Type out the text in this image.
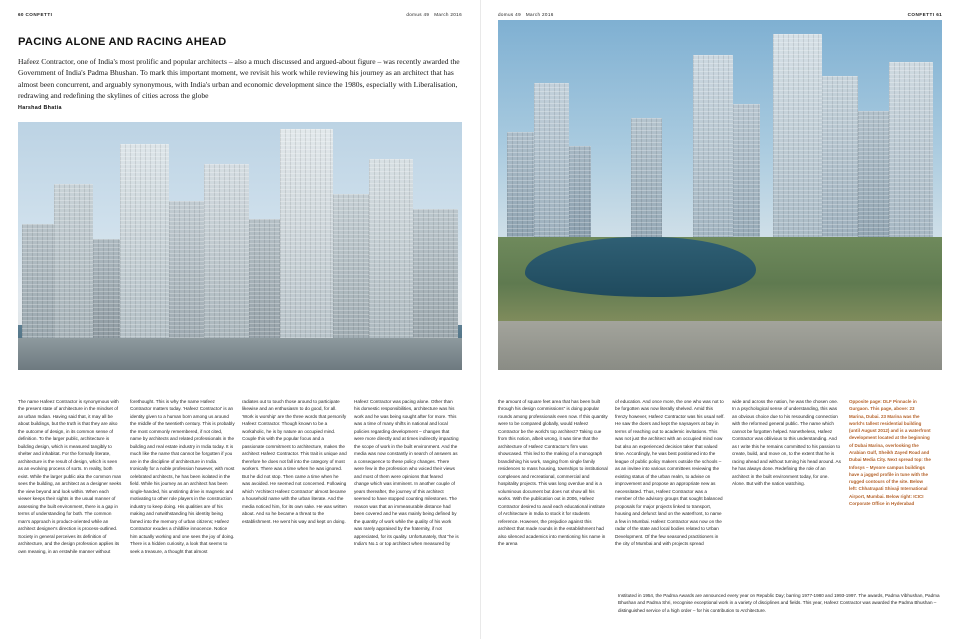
60 CONFETTI	domus 49 March 2016
PACING ALONE AND RACING AHEAD
Hafeez Contractor, one of India's most prolific and popular architects – also a much discussed and argued-about figure – was recently awarded the Government of India's Padma Bhushan. To mark this important moment, we revisit his work while reviewing his journey as an architect that has almost been concurrent, and arguably synonymous, with India's urban and economic development since the 1980s, especially with Liberalisation, redrawing and redefining the skylines of cities across the globe
Harshad Bhatia
The name Hafeez Contractor is synonymous with the present state of architecture in the mindset of an urban Indian. Having said that, it may all be about buildings, but the truth is that they are also the outcome of design, in its common sense of definition. To the larger public, architecture is building design, which is measured tangibly to shelter and inhabitat. For the formally literate, architecture is the result of design, which is seen as an evolving process of sorts. In reality, both exist. While the larger public aka the common man sees the building, an architect as a designer seeks the view beyond and look within. When each viewer keeps their sights in the usual manner of assessing the built environment, there is a gap in terms of understanding for both. The common man's approach is product-oriented while an architect designer's direction is process-outlined. Society in general perceives its definition of architecture, and the design profession applies its own meaning, in an erstwhile manner without
forethought. This is why the name Hafeez Contractor matters today. 'Hafeez Contractor' is an identity given to a human born among us around the middle of the twentieth century. This is probably the most commonly remembered, if not cited, name by architects and related professionals in the building and real estate industry in India today. It is much like the name that cannot be forgotten if you are in the discipline of architecture in India. Ironically for a noble profession however, with most celebrated architects, he has been isolated in the field. While his journey as an architect has been single-handed, his unstinting drive is magnetic and motivating to other role players in the construction industry to keep doing. His qualities are of his making and notwithstanding his identity being famed into the memory of urban citizens; Hafeez Contractor exudes a childlike innocence. Notice him actually working and one sees the joy of doing. There is a hidden curiosity, a look that seems to seek a treasure, a thought that almost
radiates out to touch those around to participate likewise and an enthusiasm to do good, for all. 'Work is worship' are the three words that personify Hafeez Contractor. Though known to be a workaholic, he is by nature an occupied mind. Couple this with the popular focus and a passionate commitment to architecture, makes the architect Hafeez Contractor. This trait is unique and therefore he does not fall into the category of most workers. There was a time when he was ignored. But he did not stop. Then came a time when he was avoided. He seemed not concerned. Following which 'Architect Hafeez Contractor' almost became a household name with the urban literate. And the media noticed him, for its own sake. He was written about. And so he became a threat to the establishment. He went his way and kept on doing.
Hafeez Contractor was pacing alone. Other than his domestic responsibilities, architecture was his work and he was being sought after for more. This was a time of many shifts in national and local policies regarding development – changes that were more directly and at times indirectly impacting the scope of work in the built environment. And the media was now constantly in search of answers as a consequence to these policy changes. There were few in the profession who voiced their views and most of them were opinions that feared change which was imminent. In another couple of years thereafter, the journey of this architect seemed to have stopped counting milestones. The reason was that an immeasurable distance had been covered and he was mainly being defined by the quantity of work while the quality of his work was rarely appraised by the fraternity, if not appreciated, for its quality. Unfortunately, that "he is India's No.1 or top architect when measured by
domus 49 March 2016	CONFETTI 61
the amount of square feet area that has been built through his design commissions" is doing popular rounds among professionals even now. If this quantity were to be compared globally, would Hafeez Contractor be the world's top architect? Taking cue from this notion, albeit wrong, it was time that the architecture of Hafeez Contractor's firm was showcased. This led to the making of a monograph brandishing his work, ranging from single family residences to mass housing, townships to institutional complexes and recreational, commercial and hospitality projects. This was long overdue and is a voluminous document but does not show all his works. With the publication out in 2006, Hafeez Contractor desired to avail each educational institute of Architecture in India to stock it for students reference. However, the prejudice against this architect that made rounds in the establishment had also silenced academics into mentioning his name in the arena
of education. And once more, the one who was not to be forgotten was now literally shelved. Amid this frenzy however, Hafeez Contractor was his usual self. He saw the doers and kept the naysayers at bay in terms of reaching out to academic invitations. This was not just the architect with an occupied mind now but also an experienced decision taker that valued time. Accordingly, he was best positioned into the league of public policy makers outside the schools – as an invitee into various committees reviewing the existing status of the urban realm, to advise on improvement and propose an appropriate new as necessitated. Thus, Hafeez Contractor was a member of the advisory groups that sought balanced proposals for major projects linked to transport, housing and defunct land on the waterfront, to name a few in Mumbai. Hafeez Contractor was now on the radar of the state and local bodies related to Urban Development. Of the few seasoned practitioners in the city of Mumbai and with projects spread
wide and across the nation, he was the chosen one. In a psychological sense of understanding, this was an obvious choice due to his resounding connection with the reformed general public. The name which cannot be forgotten helped. Nonetheless, Hafeez Contractor was oblivious to this understanding. And as I write this he remains committed to his passion to create, build, and move on, to the extent that he is racing ahead and without turning his head around. As he has always done. Redefining the role of an architect in the built environment today, for one. Alone. But with the nation watching.
Opposite page: DLF Pinnacle in Gurgaon. This page, above: 23 Marina, Dubai. 23 Marina was the world's tallest residential building (until August 2012) and is a waterfront development located at the beginning of Dubai Marina, overlooking the Arabian Gulf, Sheikh Zayed Road and Dubai Media City. Next spread top: the Infosys – Mysore campus buildings have a jagged profile in tune with the rugged contours of the site. Below left: Chhatrapati Shivaji International Airport, Mumbai. Below right: ICICI Corporate Office in Hyderabad
Instituted in 1954, the Padma Awards are announced every year on Republic Day; barring 1977-1980 and 1993-1997. The awards, Padma Vibhushan, Padma Bhushan and Padma Shri, recognise exceptional work in a variety of disciplines and fields. This year, Hafeez Contractor was awarded the Padma Bhushan – distinguished service of a high order – for his contribution to Architecture.
